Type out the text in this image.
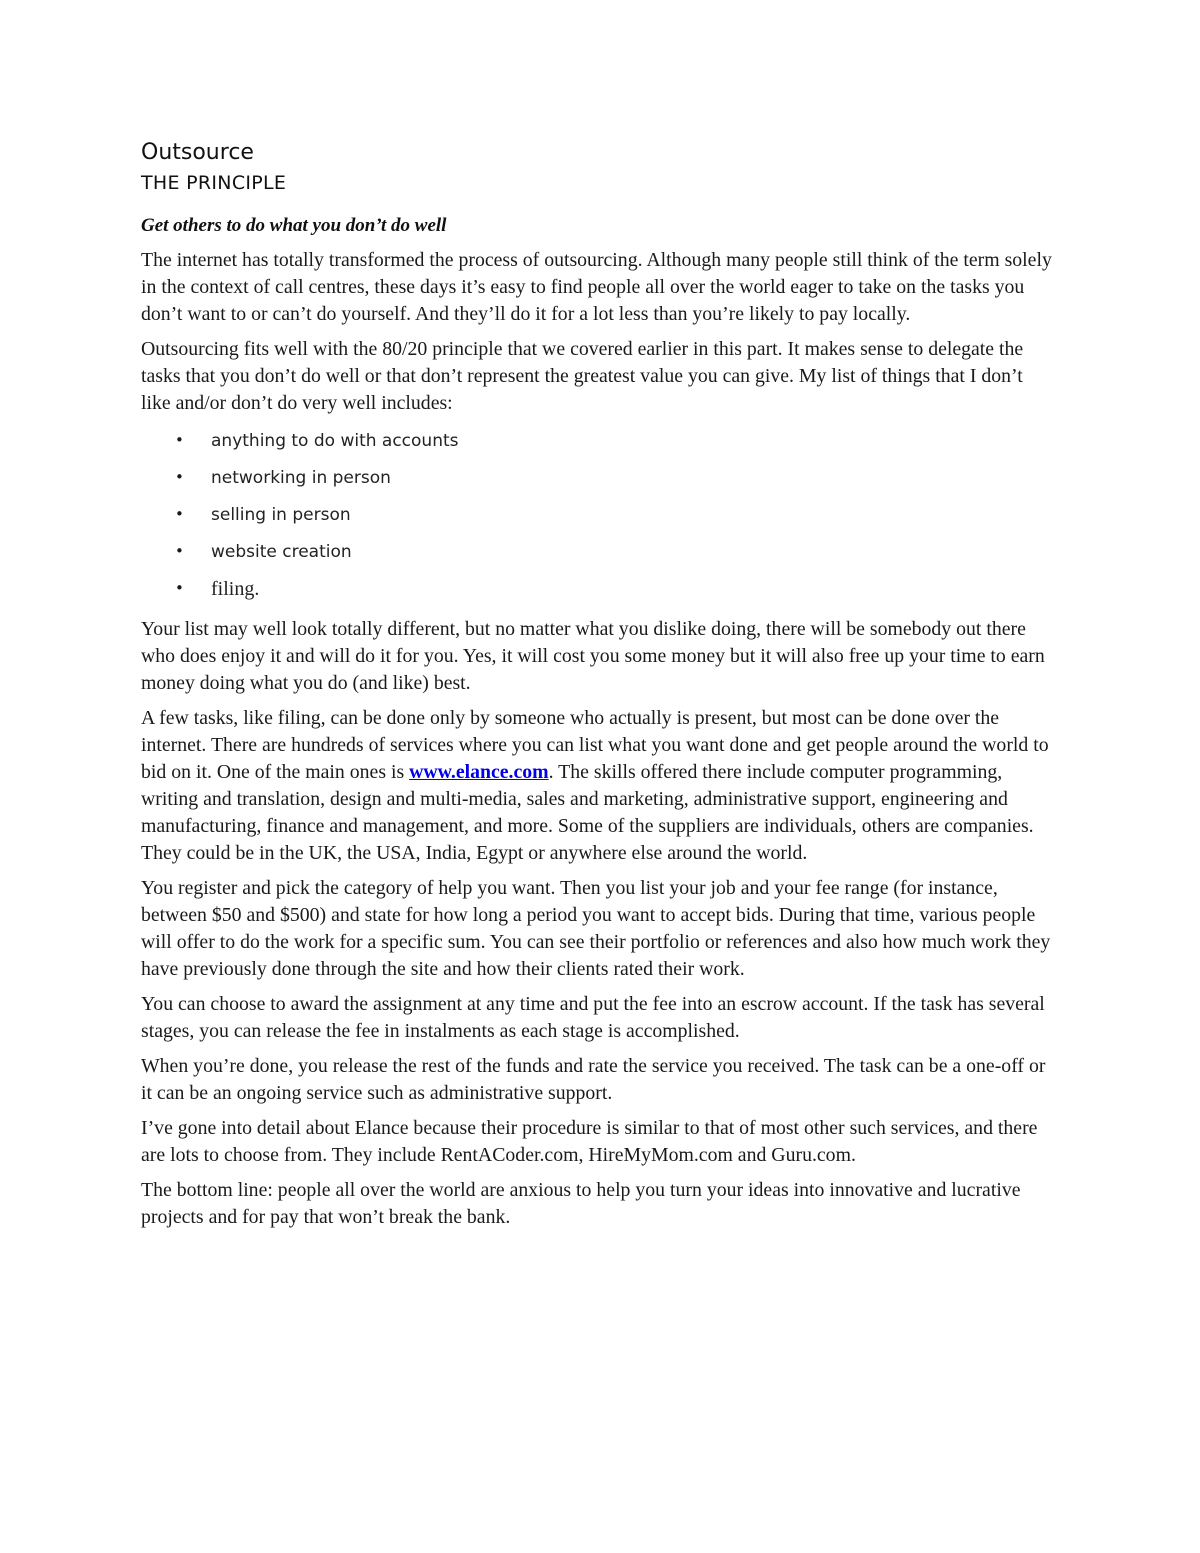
Outsource
THE PRINCIPLE
Get others to do what you don’t do well

The internet has totally transformed the process of outsourcing. Although many people still think of the term solely in the context of call centres, these days it’s easy to find people all over the world eager to take on the tasks you don’t want to or can’t do yourself. And they’ll do it for a lot less than you’re likely to pay locally.

Outsourcing fits well with the 80/20 principle that we covered earlier in this part. It makes sense to delegate the tasks that you don’t do well or that don’t represent the greatest value you can give. My list of things that I don’t like and/or don’t do very well includes:

• anything to do with accounts
• networking in person
• selling in person
• website creation
• filing.

Your list may well look totally different, but no matter what you dislike doing, there will be somebody out there who does enjoy it and will do it for you. Yes, it will cost you some money but it will also free up your time to earn money doing what you do (and like) best.

A few tasks, like filing, can be done only by someone who actually is present, but most can be done over the internet. There are hundreds of services where you can list what you want done and get people around the world to bid on it. One of the main ones is www.elance.com. The skills offered there include computer programming, writing and translation, design and multi-media, sales and marketing, administrative support, engineering and manufacturing, finance and management, and more. Some of the suppliers are individuals, others are companies. They could be in the UK, the USA, India, Egypt or anywhere else around the world.

You register and pick the category of help you want. Then you list your job and your fee range (for instance, between $50 and $500) and state for how long a period you want to accept bids. During that time, various people will offer to do the work for a specific sum. You can see their portfolio or references and also how much work they have previously done through the site and how their clients rated their work.

You can choose to award the assignment at any time and put the fee into an escrow account. If the task has several stages, you can release the fee in instalments as each stage is accomplished.

When you’re done, you release the rest of the funds and rate the service you received. The task can be a one-off or it can be an ongoing service such as administrative support.

I’ve gone into detail about Elance because their procedure is similar to that of most other such services, and there are lots to choose from. They include RentACoder.com, HireMyMom.com and Guru.com.

The bottom line: people all over the world are anxious to help you turn your ideas into innovative and lucrative projects and for pay that won’t break the bank.
